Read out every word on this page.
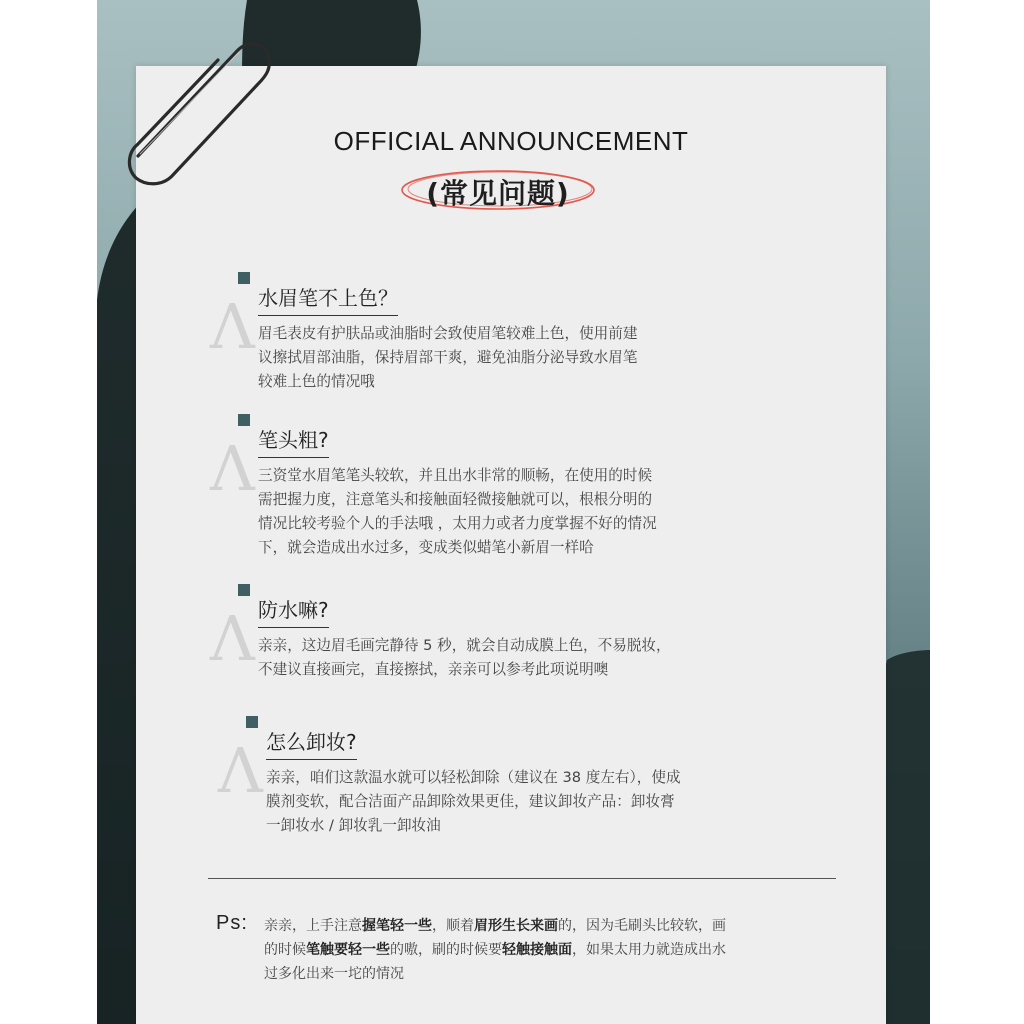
OFFICIAL ANNOUNCEMENT
(常见问题)
Λ 水眉笔不上色？

眉毛表皮有护肤品或油脂时会致使眉笔较难上色，使用前建
议擦拭眉部油脂，保持眉部干爽，避免油脂分泌导致水眉笔
较难上色的情况哦

Λ 笔头粗?

三资堂水眉笔笔头较软，并且出水非常的顺畅，在使用的时候
需把握力度，注意笔头和接触面轻微接触就可以，根根分明的
情况比较考验个人的手法哦 ，太用力或者力度掌握不好的情况
下，就会造成出水过多，变成类似蜡笔小新眉一样哈

Λ 防水嘛?

亲亲，这边眉毛画完静待 5 秒，就会自动成膜上色，不易脱妆，
不建议直接画完，直接擦拭，亲亲可以参考此项说明噢

Λ 怎么卸妆?

亲亲，咱们这款温水就可以轻松卸除（建议在 38 度左右），使成
膜剂变软，配合洁面产品卸除效果更佳，建议卸妆产品：卸妆膏
一卸妆水 / 卸妆乳一卸妆油

Ps: 亲亲，上手注意握笔轻一些，顺着眉形生长来画的，因为毛刷头比较软，画
的时候笔触要轻一些的嗷，刷的时候要轻触接触面，如果太用力就造成出水
过多化出来一坨的情况
